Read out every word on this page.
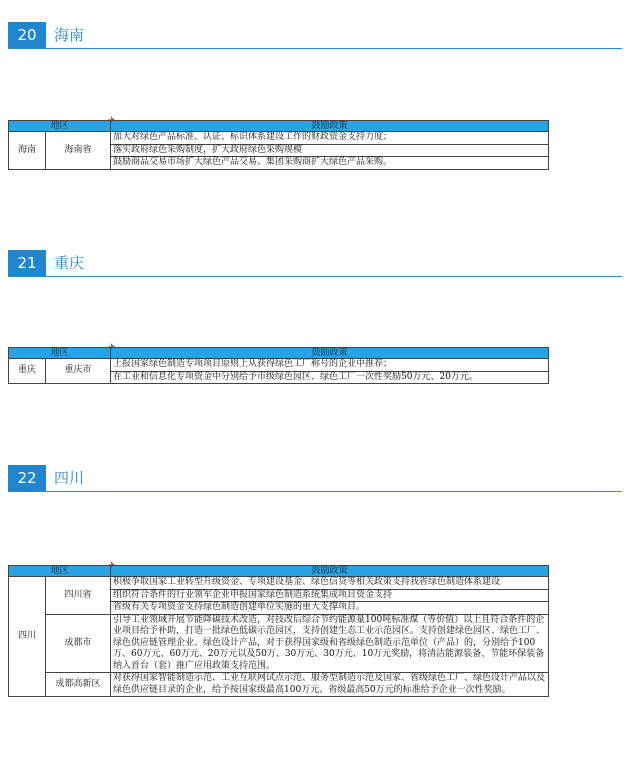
20	海南
地区		✈ 鼓励政策
海南	海南省	加大对绿色产品标准、认证、标识体系建设工作的财政资金支持力度；
		落实政府绿色采购制度，扩大政府绿色采购规模
		鼓励商品交易市场扩大绿色产品交易、集团采购商扩大绿色产品采购。
21	重庆
地区		✈ 鼓励政策
重庆	重庆市	上报国家绿色制造专项项目原则上从获得绿色工厂称号的企业中推荐；
		在工业和信息化专项资金中分别给予市级绿色园区、绿色工厂一次性奖励50万元、20万元。
22	四川
地区		✈ 鼓励政策
四川	四川省	积极争取国家工业转型升级资金、专项建设基金、绿色信贷等相关政策支持我省绿色制造体系建设
		组织符合条件的行业领军企业申报国家绿色制造系统集成项目资金支持
		省级有关专项资金支持绿色制造创建单位实施的重大支撑项目。
	成都市	引导工业领域开展节能降碳技术改造，对技改后综合节约能源量100吨标准煤（等价值）以上且符合条件的企业项目给予补助，打造一批绿色低碳示范园区，支持创建生态工业示范园区。支持创建绿色园区、绿色工厂、绿色供应链管理企业、绿色设计产品，对于获得国家级和省级绿色制造示范单位（产品）的，分别给予100万、60万元、60万元、20万元以及50万、30万元、30万元、10万元奖励，将清洁能源装备、节能环保装备纳入首台（套）推广应用政策支持范围。
	成都高新区	对获得国家智能制造示范、工业互联网试点示范、服务型制造示范及国家、省级绿色工厂、绿色设计产品以及绿色供应链目录的企业，给予按国家级最高100万元、省级最高50万元的标准给予企业一次性奖励。
